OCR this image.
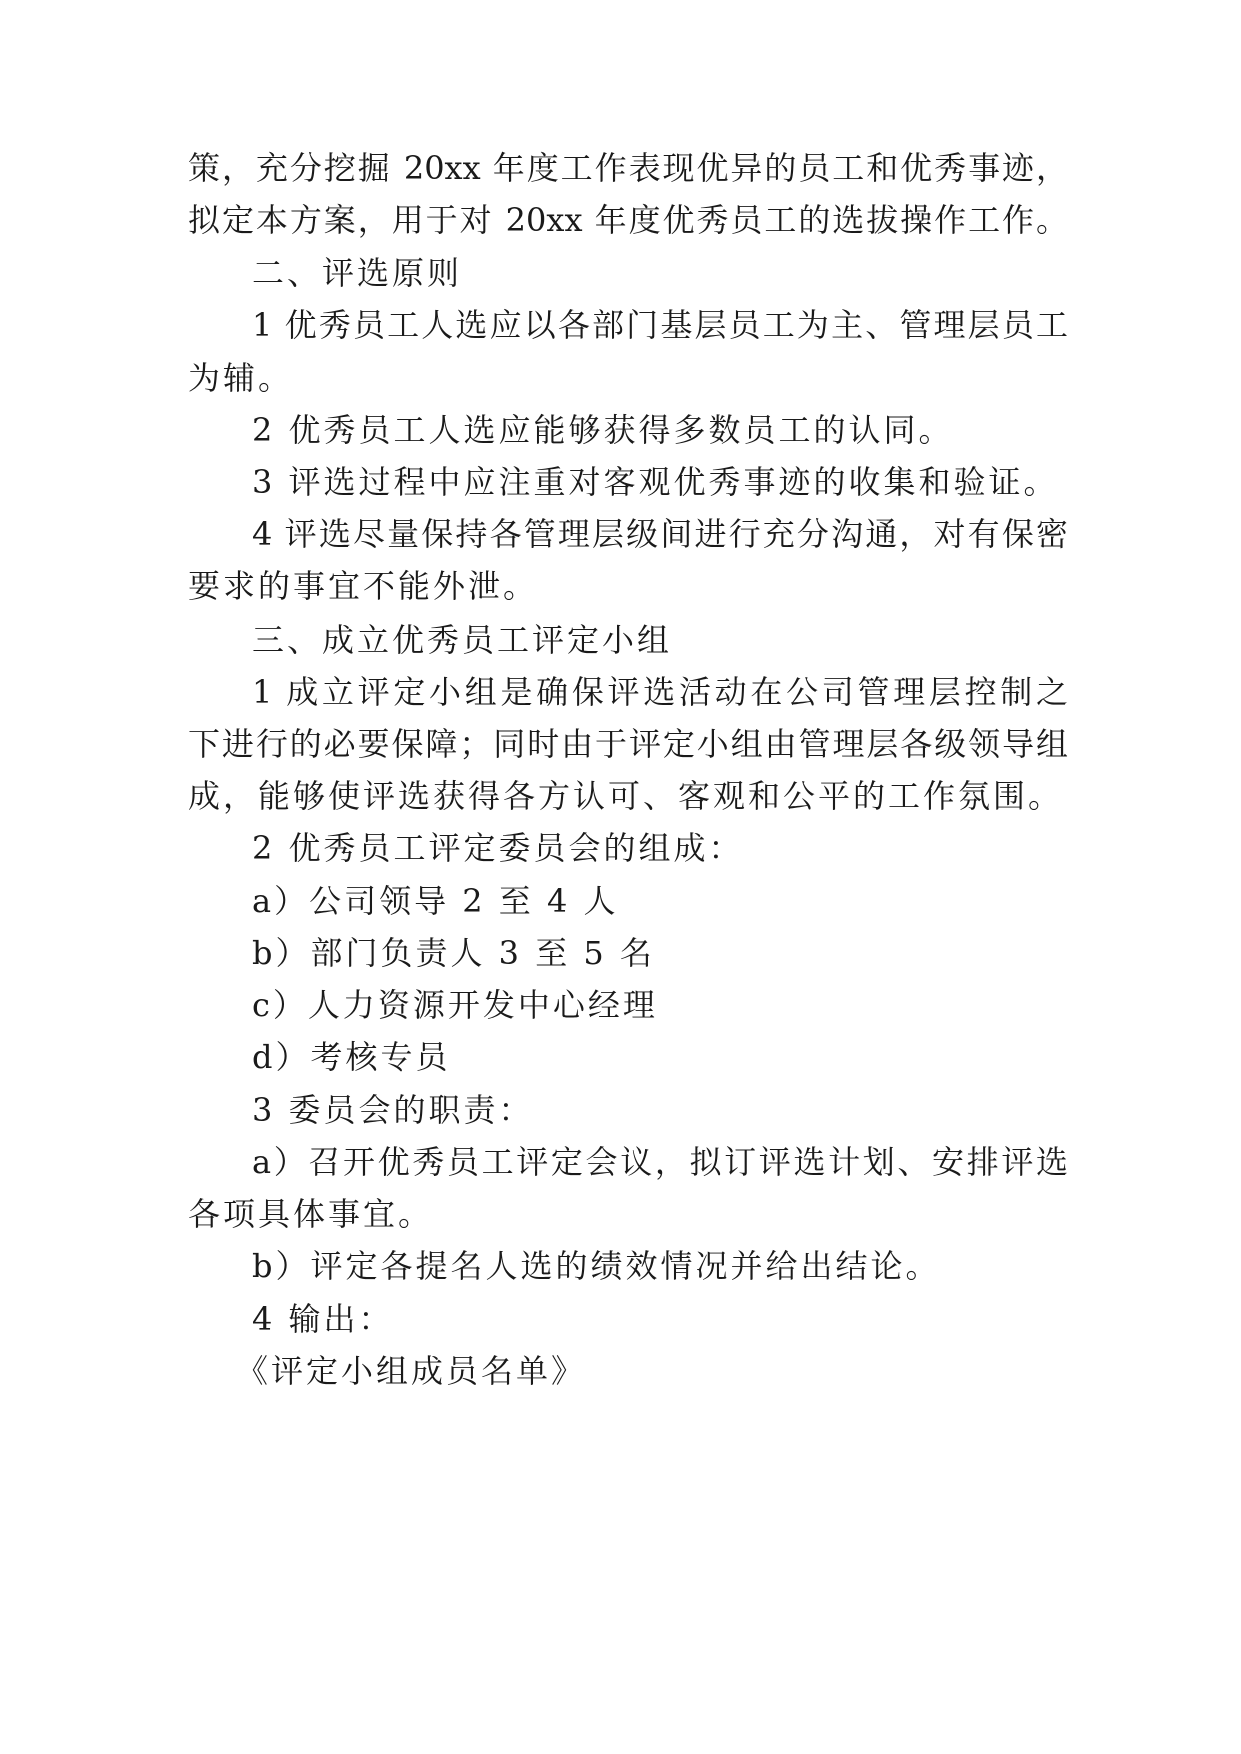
策，充分挖掘 20xx 年度工作表现优异的员工和优秀事迹，
拟定本方案，用于对 20xx 年度优秀员工的选拔操作工作。
二、评选原则
1 优秀员工人选应以各部门基层员工为主、管理层员工
为辅。
2 优秀员工人选应能够获得多数员工的认同。
3 评选过程中应注重对客观优秀事迹的收集和验证。
4 评选尽量保持各管理层级间进行充分沟通，对有保密
要求的事宜不能外泄。
三、成立优秀员工评定小组
1 成立评定小组是确保评选活动在公司管理层控制之
下进行的必要保障；同时由于评定小组由管理层各级领导组
成，能够使评选获得各方认可、客观和公平的工作氛围。
2 优秀员工评定委员会的组成：
a）公司领导 2 至 4 人
b）部门负责人 3 至 5 名
c）人力资源开发中心经理
d）考核专员
3 委员会的职责：
a）召开优秀员工评定会议，拟订评选计划、安排评选
各项具体事宜。
b）评定各提名人选的绩效情况并给出结论。
4 输出：
《评定小组成员名单》
